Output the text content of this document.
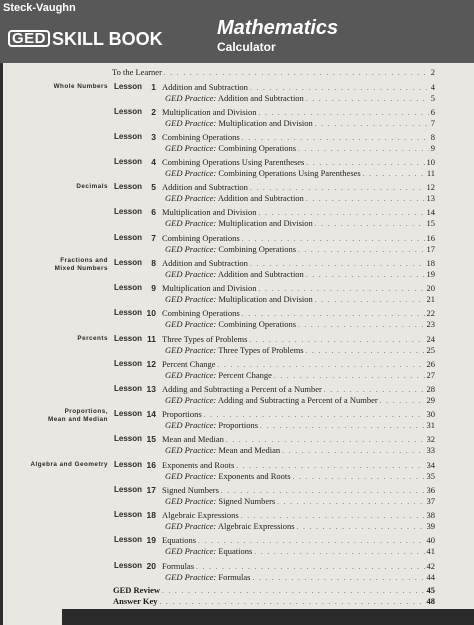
Steck-Vaughn
GED SKILL BOOK	Mathematics
Calculator
To the Learner . . .	2
Whole Numbers Lesson	1 Addition and Subtraction . . .	4
GED Practice: Addition and Subtraction . . .	5
Lesson	2 Multiplication and Division . . .	6
GED Practice: Multiplication and Division . . .	7
Lesson	3 Combining Operations . . .	8
GED Practice: Combining Operations . . .	9
Lesson	4 Combining Operations Using Parentheses . . .	10
GED Practice: Combining Operations Using Parentheses . . .	11
Decimals Lesson	5 Addition and Subtraction . . .	12
GED Practice: Addition and Subtraction . . .	13
Lesson	6 Multiplication and Division . . .	14
GED Practice: Multiplication and Division . . .	15
Lesson	7 Combining Operations . . .	16
GED Practice: Combining Operations . . .	17
Fractions and
Mixed Numbers
Lesson	8 Addition and Subtraction . . .	18
GED Practice: Addition and Subtraction . . .	19
Lesson	9 Multiplication and Division . . .	20
GED Practice: Multiplication and Division . . .	21
Lesson 10 Combining Operations . . .	22
GED Practice: Combining Operations . . .	23
Percents Lesson 11 Three Types of Problems . . .	24
GED Practice: Three Types of Problems . . .	25
Lesson 12 Percent Change . . .	26
GED Practice: Percent Change . . .	27
Lesson 13 Adding and Subtracting a Percent of a Number . . .	28
GED Practice: Adding and Subtracting a Percent of a Number . . .	29
Proportions,
Mean and Median
Lesson 14 Proportions . . .	30
GED Practice: Proportions . . .	31
Lesson 15 Mean and Median . . .	32
GED Practice: Mean and Median . . .	33
Algebra and Geometry Lesson 16 Exponents and Roots . . .	34
GED Practice: Exponents and Roots . . .	35
Lesson 17 Signed Numbers . . .	36
GED Practice: Signed Numbers . . .	37
Lesson 18 Algebraic Expressions . . .	38
GED Practice: Algebraic Expressions . . .	39
Lesson 19 Equations . . .	40
GED Practice: Equations . . .	41
Lesson 20 Formulas . . .	42
GED Practice: Formulas . . .	44
GED Review . . .	45
Answer Key . . .	48
